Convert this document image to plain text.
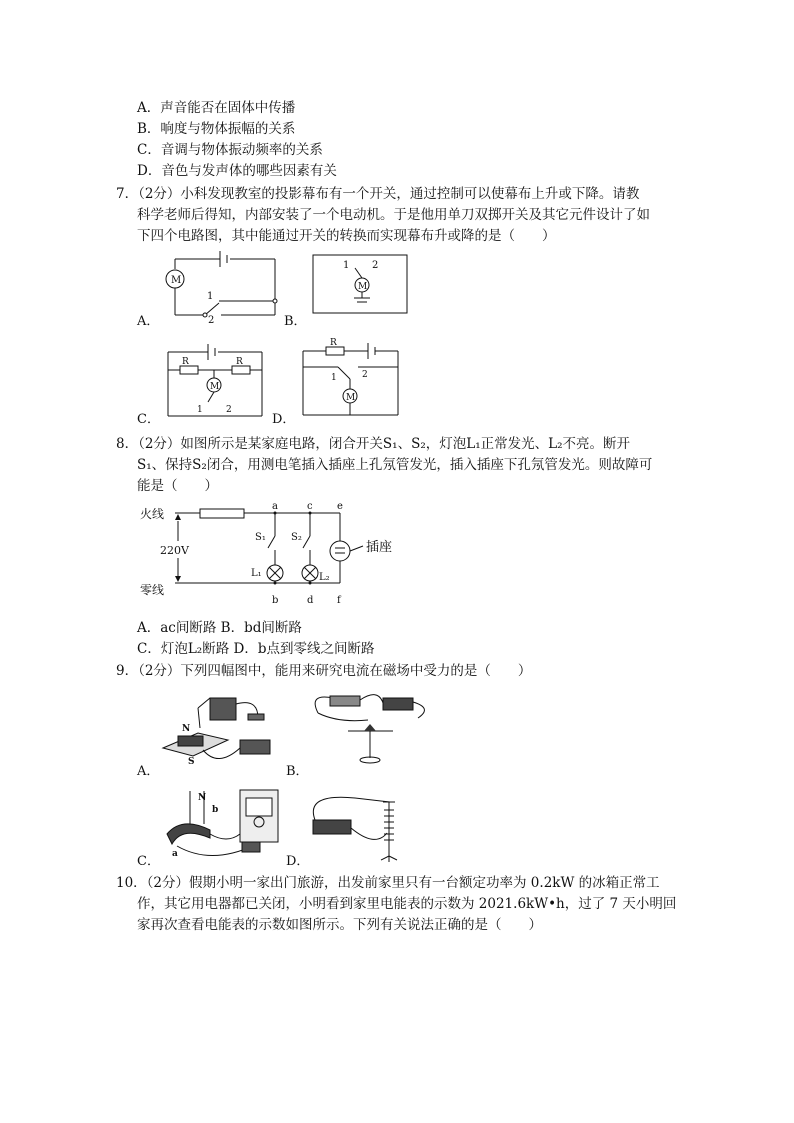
A．声音能否在固体中传播
B．响度与物体振幅的关系
C．音调与物体振动频率的关系
D．音色与发声体的哪些因素有关
7．（2分）小科发现教室的投影幕布有一个开关，通过控制可以使幕布上升或下降。请教
科学老师后得知，内部安装了一个电动机。于是他用单刀双掷开关及其它元件设计了如
下四个电路图，其中能通过开关的转换而实现幕布升或降的是（　　）
M
1
2
A．
1 2
M
B．
R	R
M
1	2
C．
R
1	2
M
D．
8．（2分）如图所示是某家庭电路，闭合开关S₁、S₂，灯泡L₁正常发光、L₂不亮。断开
S₁、保持S₂闭合，用测电笔插入插座上孔氖管发光，插入插座下孔氖管发光。则故障可
能是（　　）
火线
零线
220V	插座
a	c e
b	d f
S₁	S₂
L₁	L₂
A．ac间断路 B．bd间断路
C．灯泡L₂断路 D．b点到零线之间断路
9．（2分）下列四幅图中，能用来研究电流在磁场中受力的是（　　）
N
S
A．	B．
N
b
a
C．	D．
10．（2分）假期小明一家出门旅游，出发前家里只有一台额定功率为 0.2kW 的冰箱正常工
作，其它用电器都已关闭，小明看到家里电能表的示数为 2021.6kW•h，过了 7 天小明回
家再次查看电能表的示数如图所示。下列有关说法正确的是（　　）
